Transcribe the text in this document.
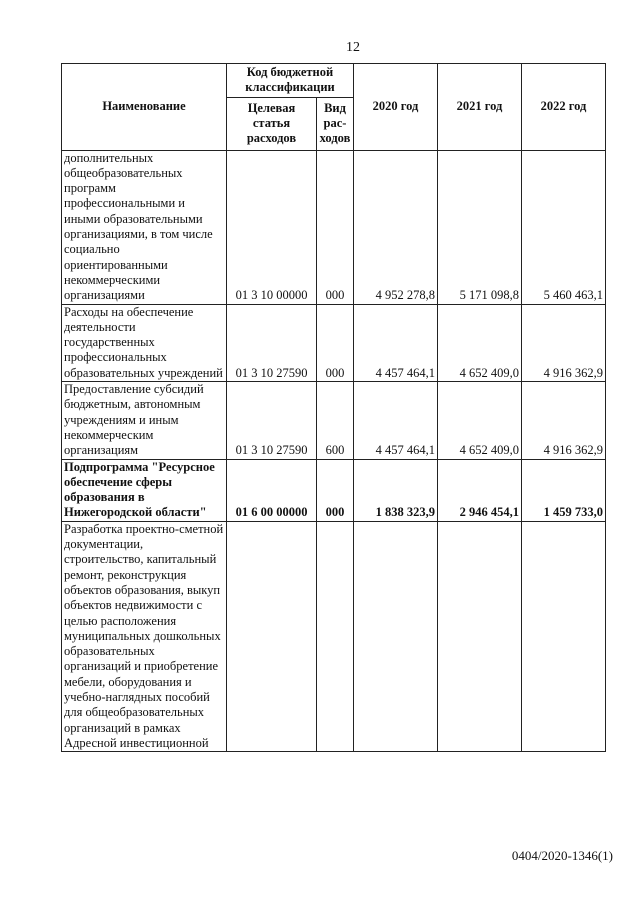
12
Наименование	Код бюджетной классификации		2020 год	2021 год	2022 год
	Целевая статья расходов	Вид рас-ходов			
дополнительных общеобразовательных программ профессиональными и иными образовательными организациями, в том числе социально ориентированными некоммерческими организациями	01 3 10 00000	000	4 952 278,8	5 171 098,8	5 460 463,1
Расходы на обеспечение деятельности государственных профессиональных образовательных учреждений	01 3 10 27590	000	4 457 464,1	4 652 409,0	4 916 362,9
Предоставление субсидий бюджетным, автономным учреждениям и иным некоммерческим организациям	01 3 10 27590	600	4 457 464,1	4 652 409,0	4 916 362,9
Подпрограмма "Ресурсное обеспечение сферы образования в Нижегородской области"	01 6 00 00000	000	1 838 323,9	2 946 454,1	1 459 733,0
Разработка проектно-сметной документации, строительство, капитальный ремонт, реконструкция объектов образования, выкуп объектов недвижимости с целью расположения муниципальных дошкольных образовательных организаций и приобретение мебели, оборудования и учебно-наглядных пособий для общеобразовательных организаций в рамках Адресной инвестиционной					
0404/2020-1346(1)
